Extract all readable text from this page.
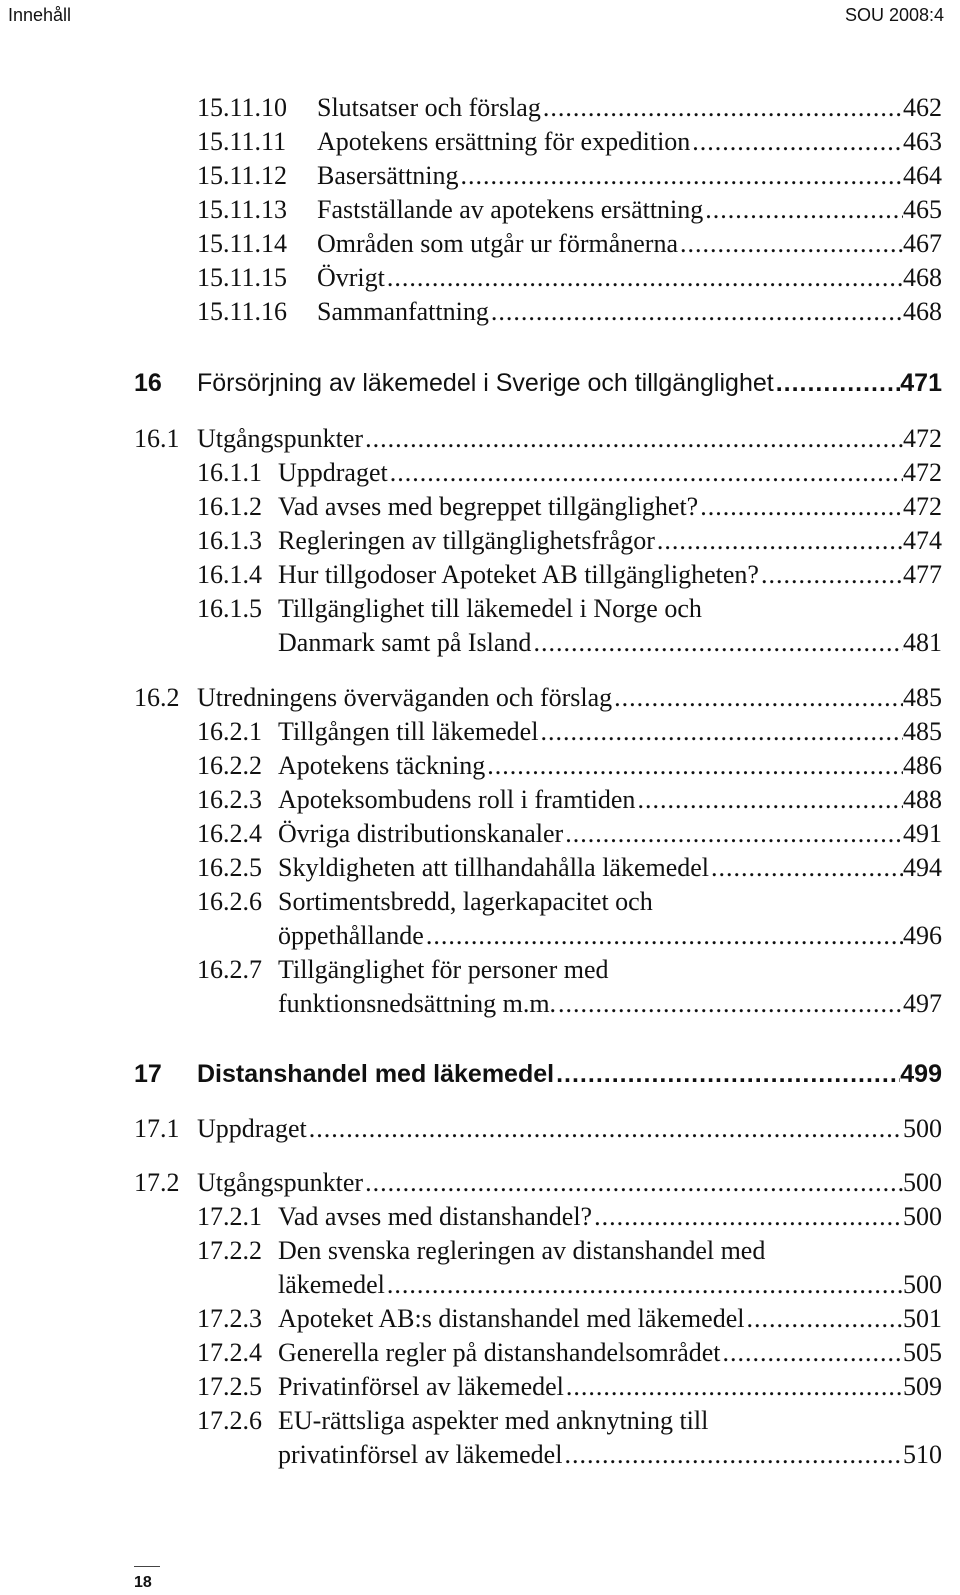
Innehåll	SOU 2008:4
15.11.10	Slutsatser och förslag .....	462
15.11.11	Apotekens ersättning för expedition .....	463
15.11.12	Basersättning .....	464
15.11.13	Fastställande av apotekens ersättning .....	465
15.11.14	Områden som utgår ur förmånerna .....	467
15.11.15	Övrigt .....	468
15.11.16	Sammanfattning .....	468
16	Försörjning av läkemedel i Sverige och tillgänglighet .....	471
16.1 Utgångspunkter .....	472
16.1.1 Uppdraget .....	472
16.1.2 Vad avses med begreppet tillgänglighet? .....	472
16.1.3 Regleringen av tillgänglighetsfrågor .....	474
16.1.4 Hur tillgodoser Apoteket AB tillgängligheten? .....	477
16.1.5 Tillgänglighet till läkemedel i Norge och
Danmark samt på Island .....	481
16.2 Utredningens överväganden och förslag .....	485
16.2.1 Tillgången till läkemedel .....	485
16.2.2 Apotekens täckning .....	486
16.2.3 Apoteksombudens roll i framtiden .....	488
16.2.4 Övriga distributionskanaler .....	491
16.2.5 Skyldigheten att tillhandahålla läkemedel .....	494
16.2.6 Sortimentsbredd, lagerkapacitet och
öppethållande .....	496
16.2.7 Tillgänglighet för personer med
funktionsnedsättning m.m. .....	497
17	Distanshandel med läkemedel .....	499
17.1 Uppdraget .....	500
17.2 Utgångspunkter .....	500
17.2.1 Vad avses med distanshandel? .....	500
17.2.2 Den svenska regleringen av distanshandel med
läkemedel .....	500
17.2.3 Apoteket AB:s distanshandel med läkemedel .....	501
17.2.4 Generella regler på distanshandelsområdet .....	505
17.2.5 Privatinförsel av läkemedel .....	509
17.2.6 EU-rättsliga aspekter med anknytning till
privatinförsel av läkemedel .....	510
18
